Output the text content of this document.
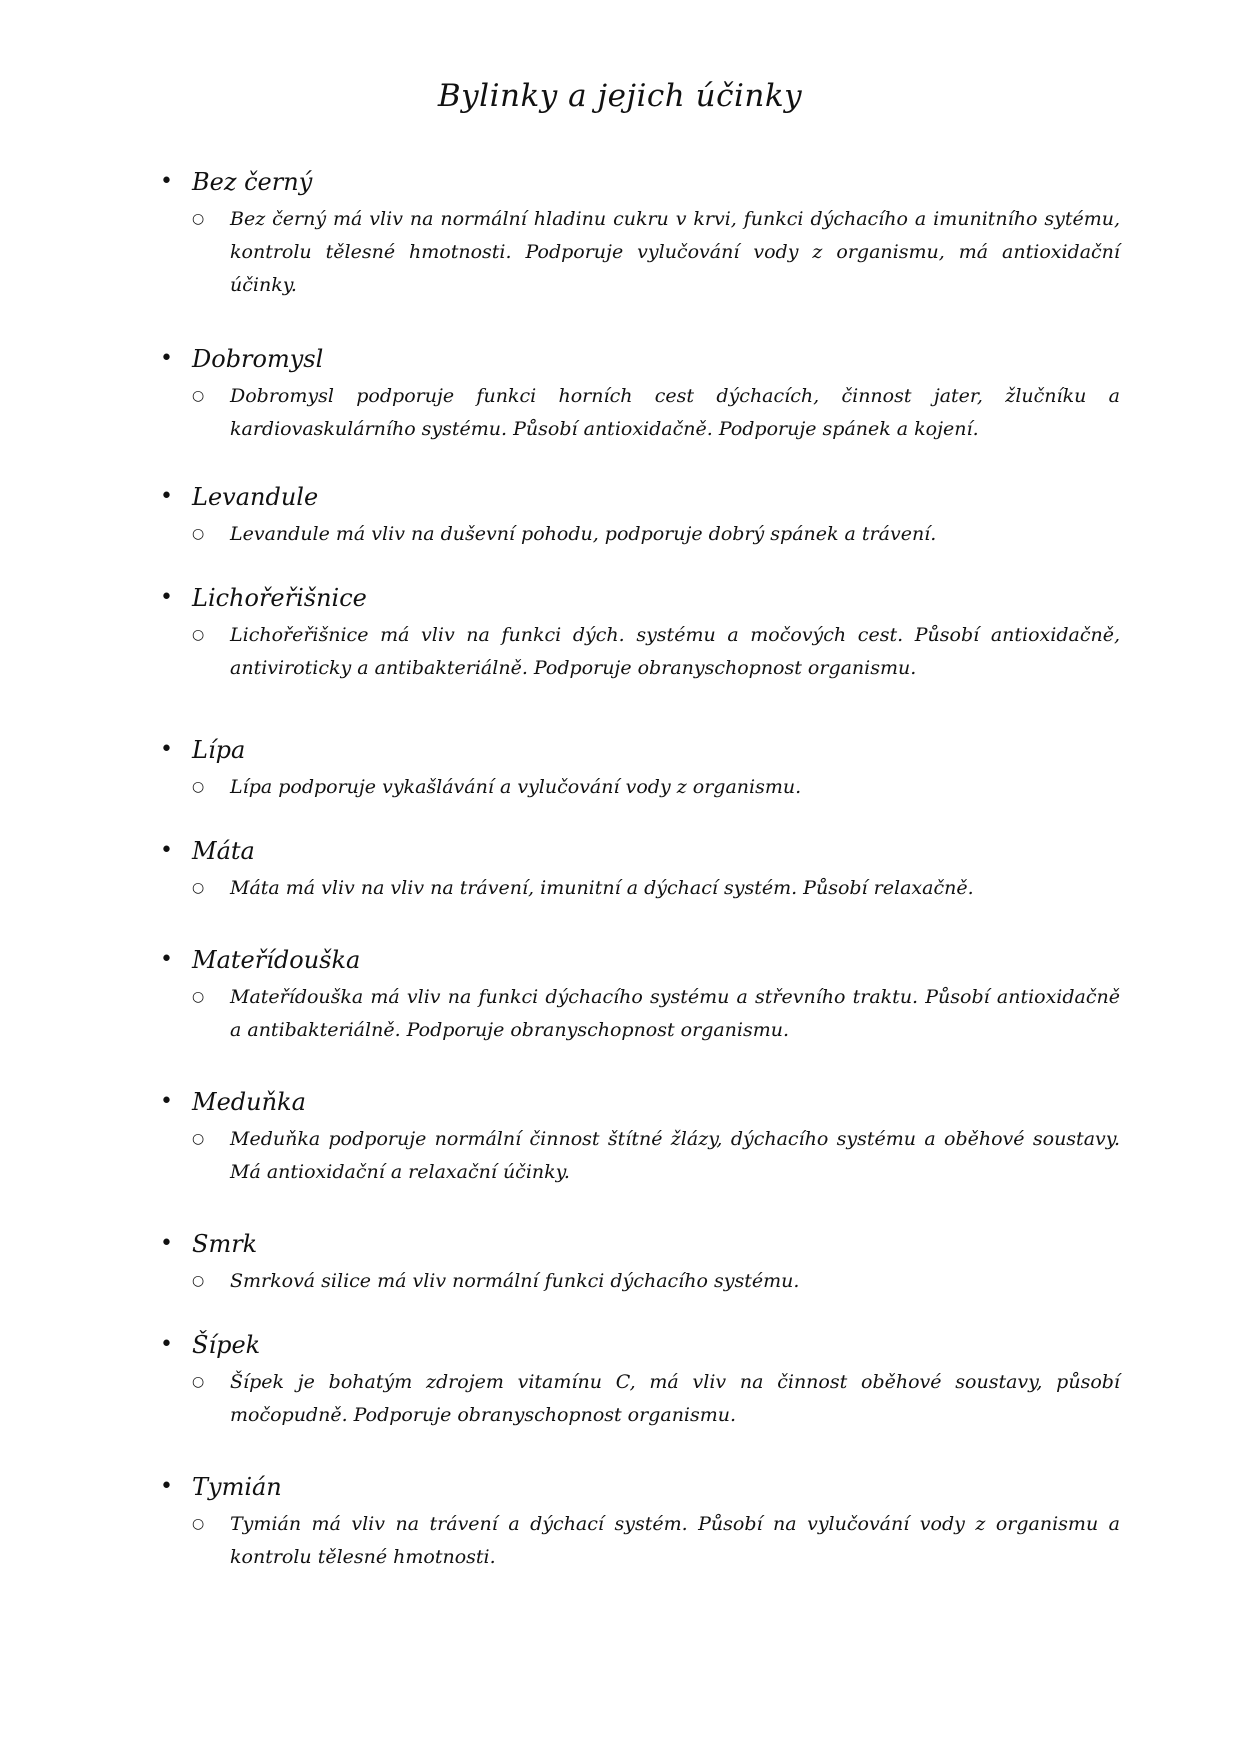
Bylinky a jejich účinky
• Bez černý
○ Bez černý má vliv na normální hladinu cukru v krvi, funkci dýchacího a imunitního sytému, kontrolu tělesné hmotnosti. Podporuje vylučování vody z organismu, má antioxidační účinky.
• Dobromysl
○ Dobromysl podporuje funkci horních cest dýchacích, činnost jater, žlučníku a kardiovaskulárního systému. Působí antioxidačně. Podporuje spánek a kojení.
• Levandule
○ Levandule má vliv na duševní pohodu, podporuje dobrý spánek a trávení.
• Lichořeřišnice
○ Lichořeřišnice má vliv na funkci dých. systému a močových cest. Působí antioxidačně, antiviroticky a antibakteriálně. Podporuje obranyschopnost organismu.
• Lípa
○ Lípa podporuje vykašlávání a vylučování vody z organismu.
• Máta
○ Máta má vliv na vliv na trávení, imunitní a dýchací systém. Působí relaxačně.
• Mateřídouška
○ Mateřídouška má vliv na funkci dýchacího systému a střevního traktu. Působí antioxidačně a antibakteriálně. Podporuje obranyschopnost organismu.
• Meduňka
○ Meduňka podporuje normální činnost štítné žlázy, dýchacího systému a oběhové soustavy. Má antioxidační a relaxační účinky.
• Smrk
○ Smrková silice má vliv normální funkci dýchacího systému.
• Šípek
○ Šípek je bohatým zdrojem vitamínu C, má vliv na činnost oběhové soustavy, působí močopudně. Podporuje obranyschopnost organismu.
• Tymián
○ Tymián má vliv na trávení a dýchací systém. Působí na vylučování vody z organismu a kontrolu tělesné hmotnosti.
